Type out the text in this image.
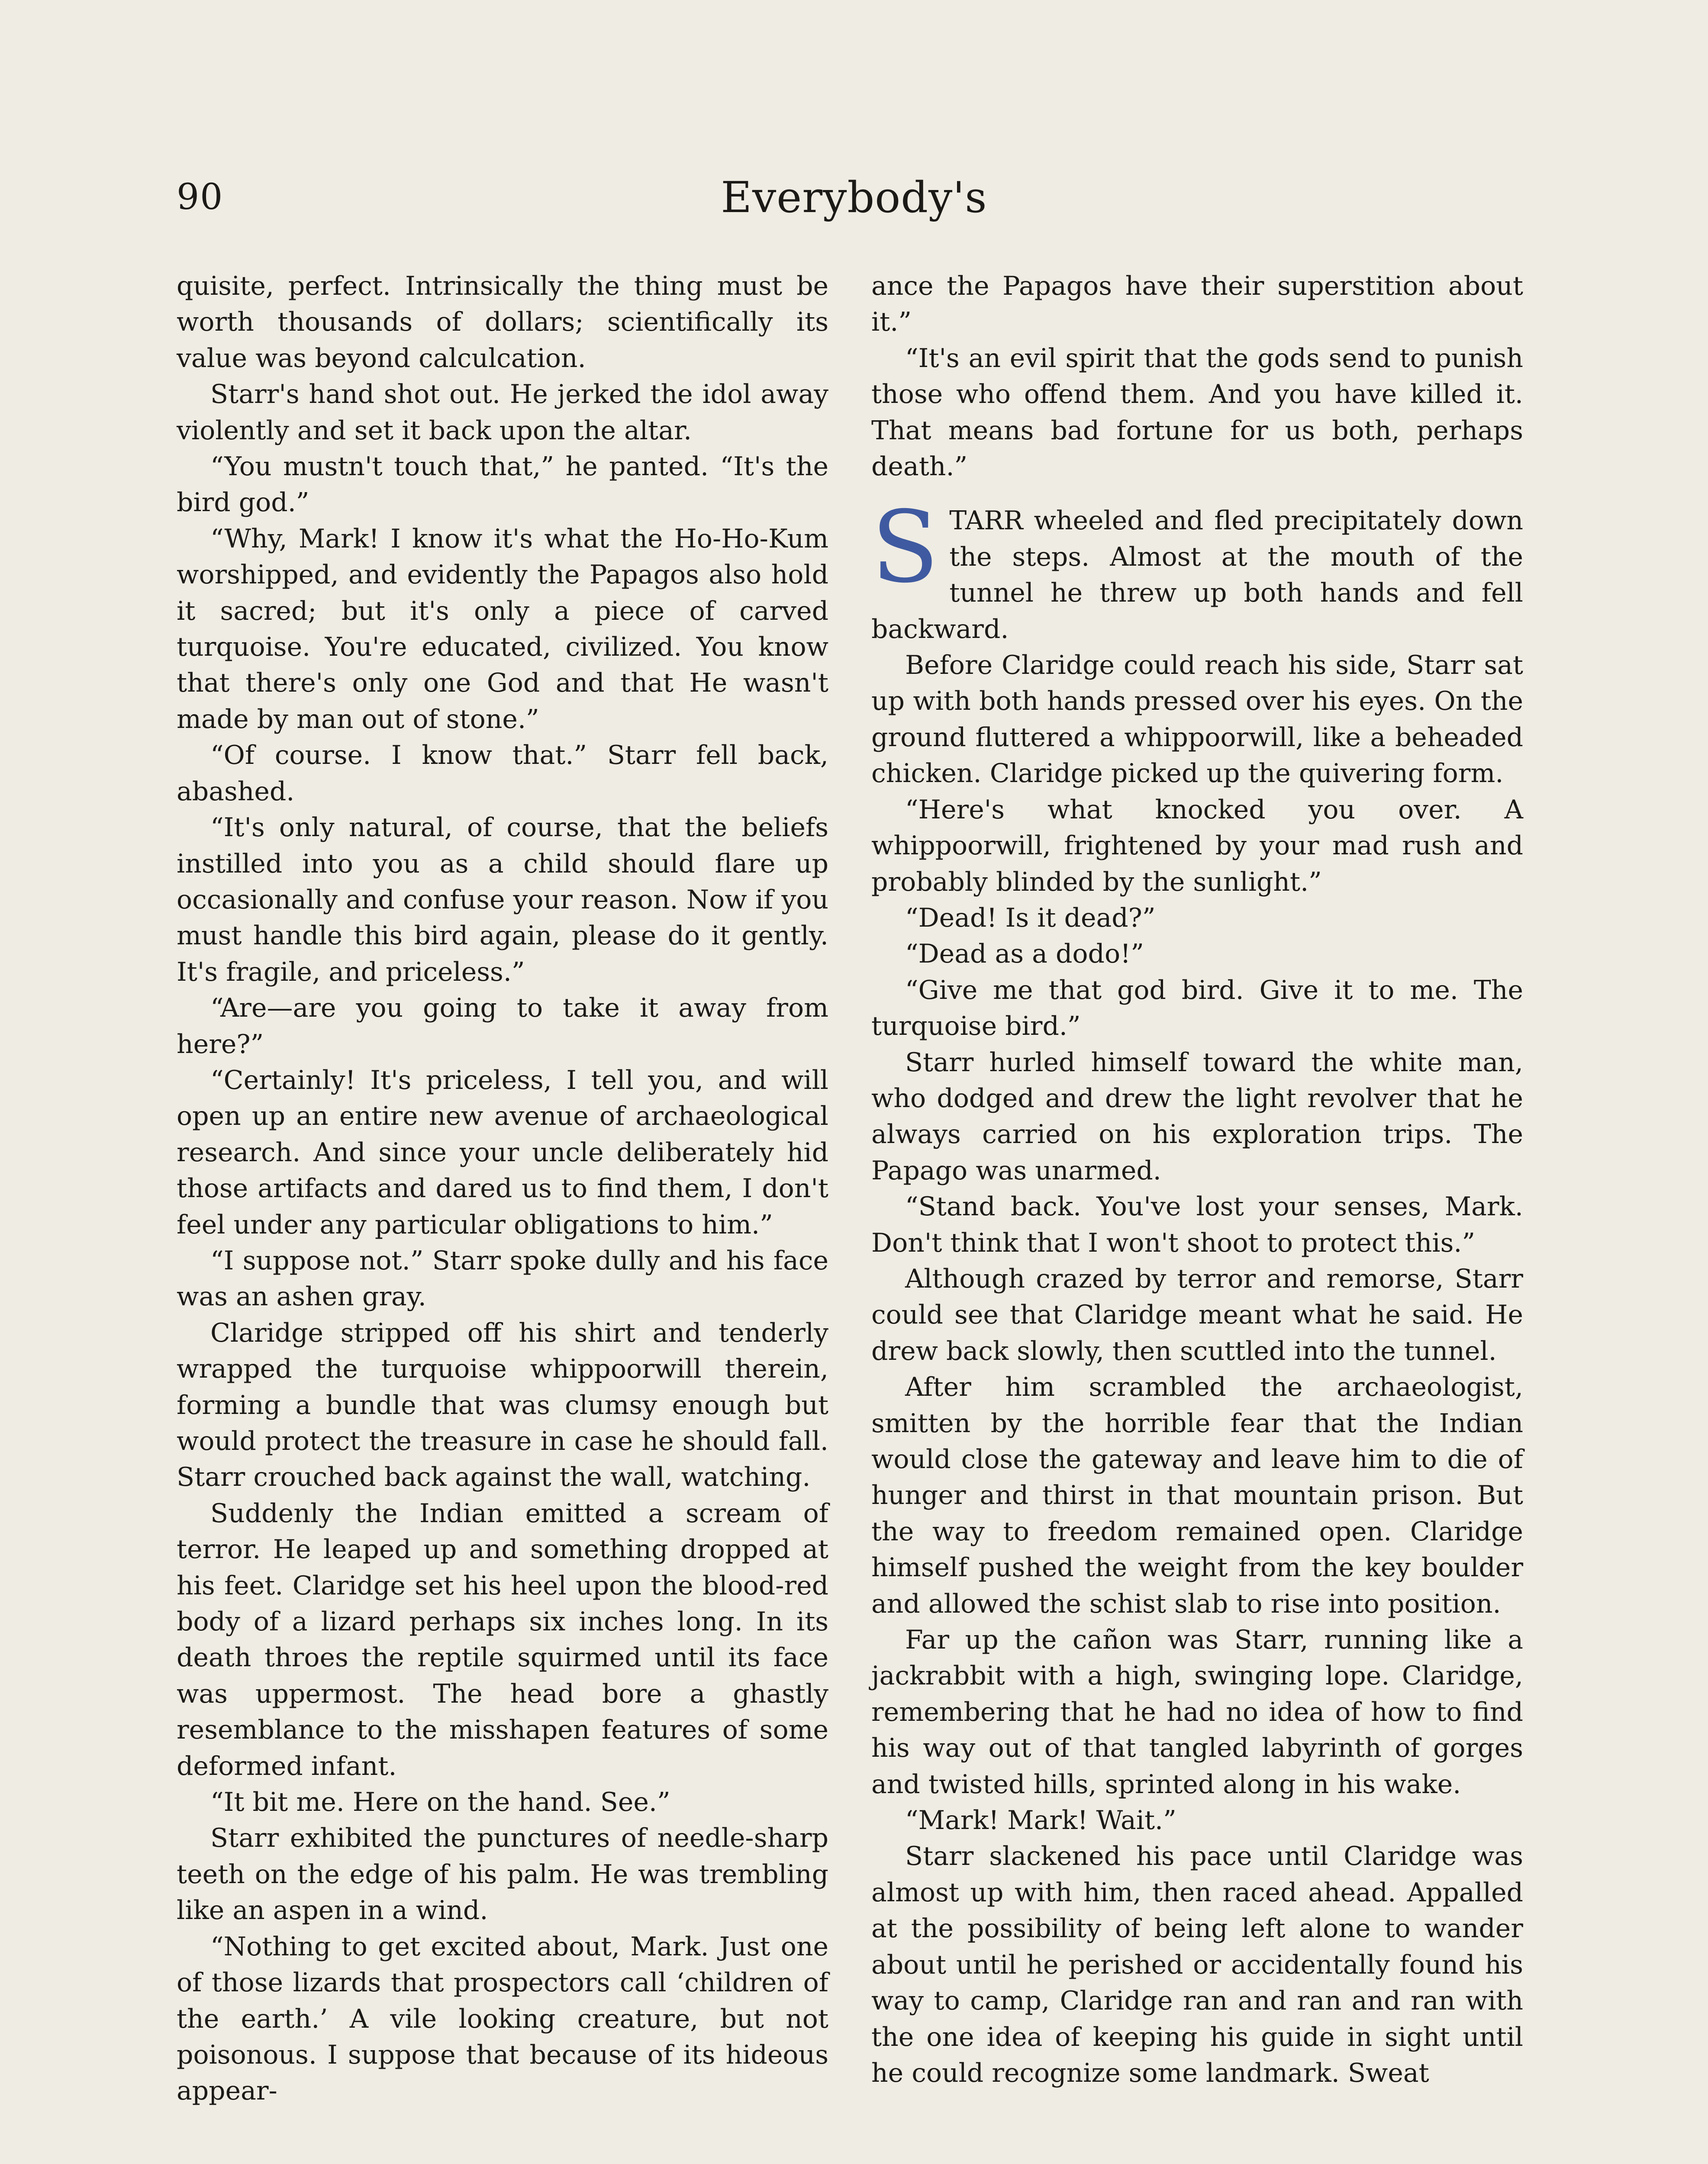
90	Everybody's

quisite, perfect. Intrinsically the thing must be worth thousands of dollars; scientifically its value was beyond calculcation.

Starr's hand shot out. He jerked the idol away violently and set it back upon the altar.

“You mustn't touch that,” he panted. “It's the bird god.”

“Why, Mark! I know it's what the Ho-Ho-Kum worshipped, and evidently the Papagos also hold it sacred; but it's only a piece of carved turquoise. You're educated, civilized. You know that there's only one God and that He wasn't made by man out of stone.”

“Of course. I know that.” Starr fell back, abashed.

“It's only natural, of course, that the beliefs instilled into you as a child should flare up occasionally and confuse your reason. Now if you must handle this bird again, please do it gently. It's fragile, and priceless.”

“Are—are you going to take it away from here?”

“Certainly! It's priceless, I tell you, and will open up an entire new avenue of archaeological research. And since your uncle deliberately hid those artifacts and dared us to find them, I don't feel under any particular obligations to him.”

“I suppose not.” Starr spoke dully and his face was an ashen gray.

Claridge stripped off his shirt and tenderly wrapped the turquoise whippoorwill therein, forming a bundle that was clumsy enough but would protect the treasure in case he should fall. Starr crouched back against the wall, watching.

Suddenly the Indian emitted a scream of terror. He leaped up and something dropped at his feet. Claridge set his heel upon the blood-red body of a lizard perhaps six inches long. In its death throes the reptile squirmed until its face was uppermost. The head bore a ghastly resemblance to the misshapen features of some deformed infant.

“It bit me. Here on the hand. See.”

Starr exhibited the punctures of needle-sharp teeth on the edge of his palm. He was trembling like an aspen in a wind.

“Nothing to get excited about, Mark. Just one of those lizards that prospectors call ‘children of the earth.’ A vile looking creature, but not poisonous. I suppose that because of its hideous appear-

ance the Papagos have their superstition about it.”

“It's an evil spirit that the gods send to punish those who offend them. And you have killed it. That means bad fortune for us both, perhaps death.”

STARR wheeled and fled precipitately down the steps. Almost at the mouth of the tunnel he threw up both hands and fell backward.

Before Claridge could reach his side, Starr sat up with both hands pressed over his eyes. On the ground fluttered a whippoorwill, like a beheaded chicken. Claridge picked up the quivering form.

“Here's what knocked you over. A whippoorwill, frightened by your mad rush and probably blinded by the sunlight.”

“Dead! Is it dead?”

“Dead as a dodo!”

“Give me that god bird. Give it to me. The turquoise bird.”

Starr hurled himself toward the white man, who dodged and drew the light revolver that he always carried on his exploration trips. The Papago was unarmed.

“Stand back. You've lost your senses, Mark. Don't think that I won't shoot to protect this.”

Although crazed by terror and remorse, Starr could see that Claridge meant what he said. He drew back slowly, then scuttled into the tunnel.

After him scrambled the archaeologist, smitten by the horrible fear that the Indian would close the gateway and leave him to die of hunger and thirst in that mountain prison. But the way to freedom remained open. Claridge himself pushed the weight from the key boulder and allowed the schist slab to rise into position.

Far up the cañon was Starr, running like a jackrabbit with a high, swinging lope. Claridge, remembering that he had no idea of how to find his way out of that tangled labyrinth of gorges and twisted hills, sprinted along in his wake.

“Mark! Mark! Wait.”

Starr slackened his pace until Claridge was almost up with him, then raced ahead. Appalled at the possibility of being left alone to wander about until he perished or accidentally found his way to camp, Claridge ran and ran and ran with the one idea of keeping his guide in sight until he could recognize some landmark. Sweat
